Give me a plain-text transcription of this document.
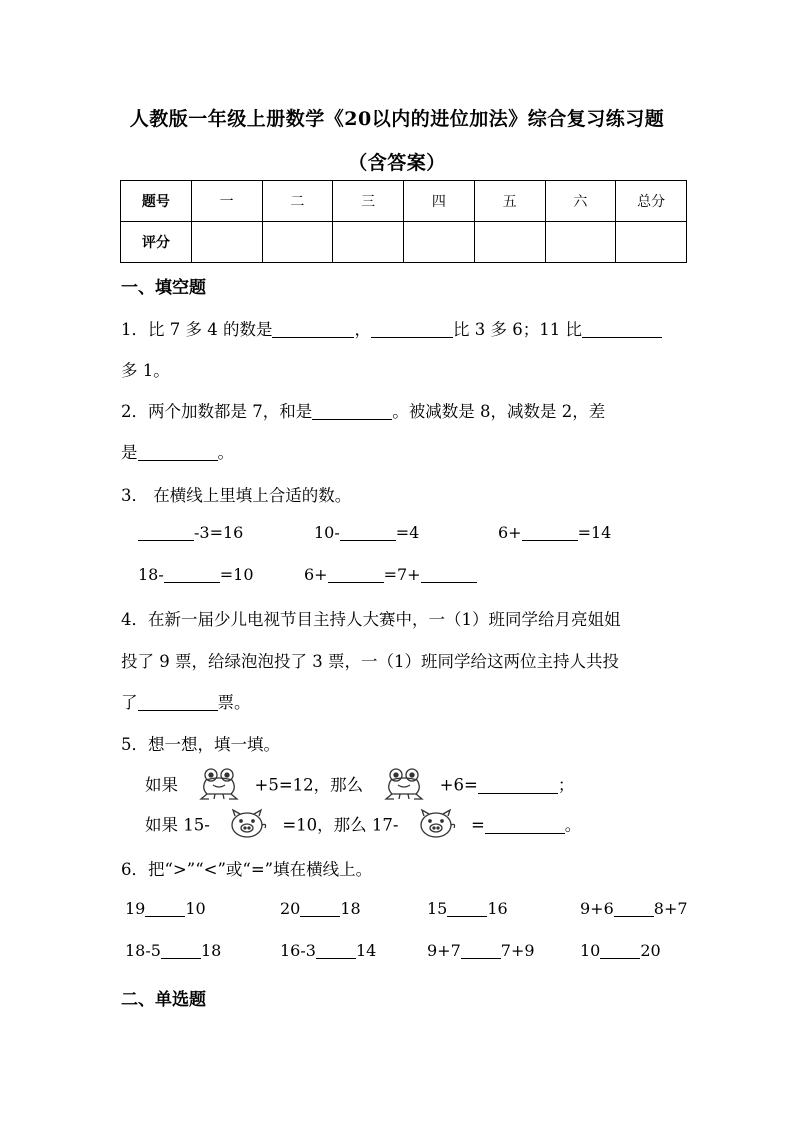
人教版一年级上册数学《20以内的进位加法》综合复习练习题
（含答案）
题号	一	二	三	四	五	六	总分
评分							
一、填空题
1．比 7 多 4 的数是	，	比 3 多 6；11 比
多 1。
2．两个加数都是 7，和是	。被减数是 8，减数是 2，差
是	。
3． 在横线上里填上合适的数。
-3=16	10-	=4	6+	=14
18-	=10	6+	=7+
4．在新一届少儿电视节目主持人大赛中，一（1）班同学给月亮姐姐
投了 9 票，给绿泡泡投了 3 票，一（1）班同学给这两位主持人共投
了	票。
5．想一想，填一填。
如果	+5=12，那么	+6=	；
如果 15-	=10，那么 17-	=	。
6．把“>”“<”或“=”填在横线上。
19	10	20	18	15	16	9+6	8+7
18-5	18	16-3	14	9+7	7+9	10	20
二、单选题
